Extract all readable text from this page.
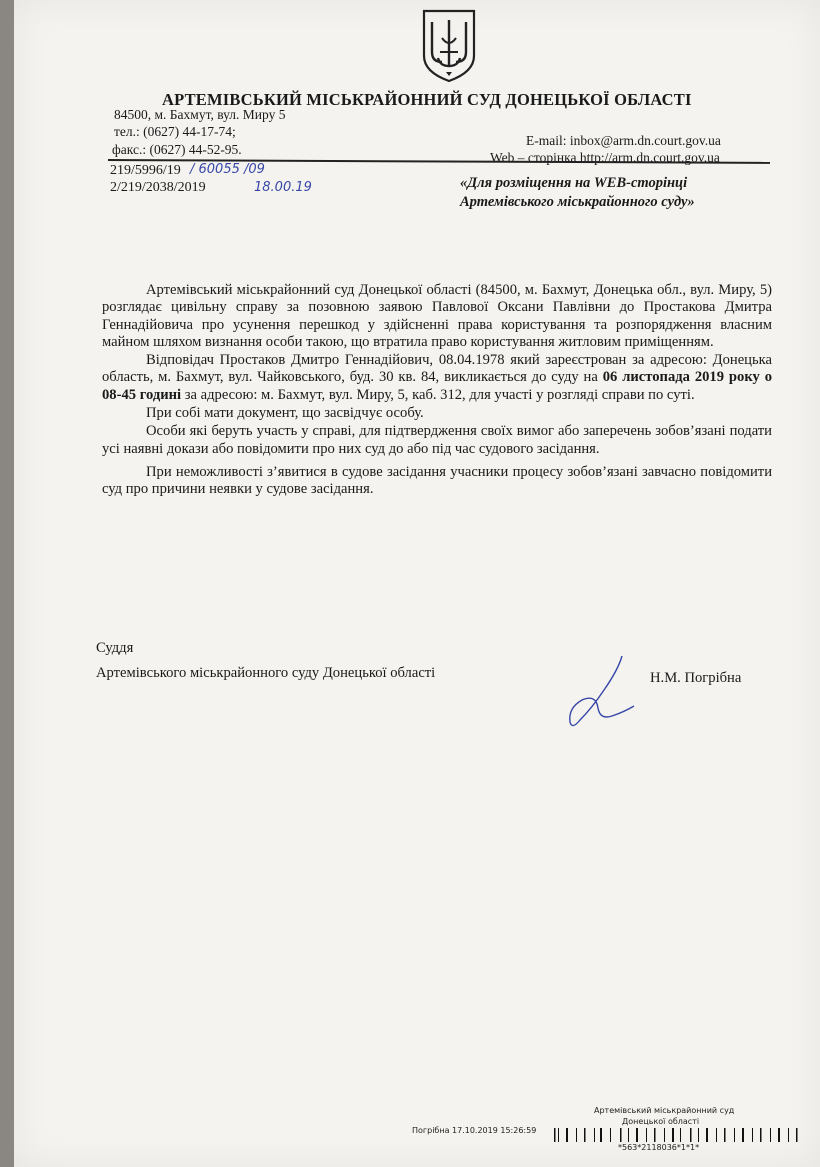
АРТЕМІВСЬКИЙ МІСЬКРАЙОННИЙ СУД ДОНЕЦЬКОЇ ОБЛАСТІ
84500, м. Бахмут, вул. Миру 5
тел.: (0627) 44-17-74;
факс.: (0627) 44-52-95.
E-mail: inbox@arm.dn.court.gov.ua
Web – сторінка http://arm.dn.court.gov.ua
219/5996/19 / 60055 /09
2/219/2038/2019	18.00.19	«Для розміщення на WEB-сторінці Артемівського міськрайонного суду»

Артемівський міськрайонний суд Донецької області (84500, м. Бахмут, Донецька обл., вул. Миру, 5) розглядає цивільну справу за позовною заявою Павлової Оксани Павлівни до Простакова Дмитра Геннадійовича про усунення перешкод у здійсненні права користування та розпорядження власним майном шляхом визнання особи такою, що втратила право користування житловим приміщенням.

Відповідач Простаков Дмитро Геннадійович, 08.04.1978 який зареєстрован за адресою: Донецька область, м. Бахмут, вул. Чайковського, буд. 30 кв. 84, викликається до суду на 06 листопада 2019 року о 08-45 годині за адресою: м. Бахмут, вул. Миру, 5, каб. 312, для участі у розгляді справи по суті.

При собі мати документ, що засвідчує особу.

Особи які беруть участь у справі, для підтвердження своїх вимог або заперечень зобов’язані подати усі наявні докази або повідомити про них суд до або під час судового засідання.

При неможливості з’явитися в судове засідання учасники процесу зобов’язані завчасно повідомити суд про причини неявки у судове засідання.

Суддя
Артемівського міськрайонного суду Донецької області	Н.М. Погрібна
Артемівський міськрайонний суд
Донецької області
Погрібна 17.10.2019 15:26:59
*563*2118036*1*1*
